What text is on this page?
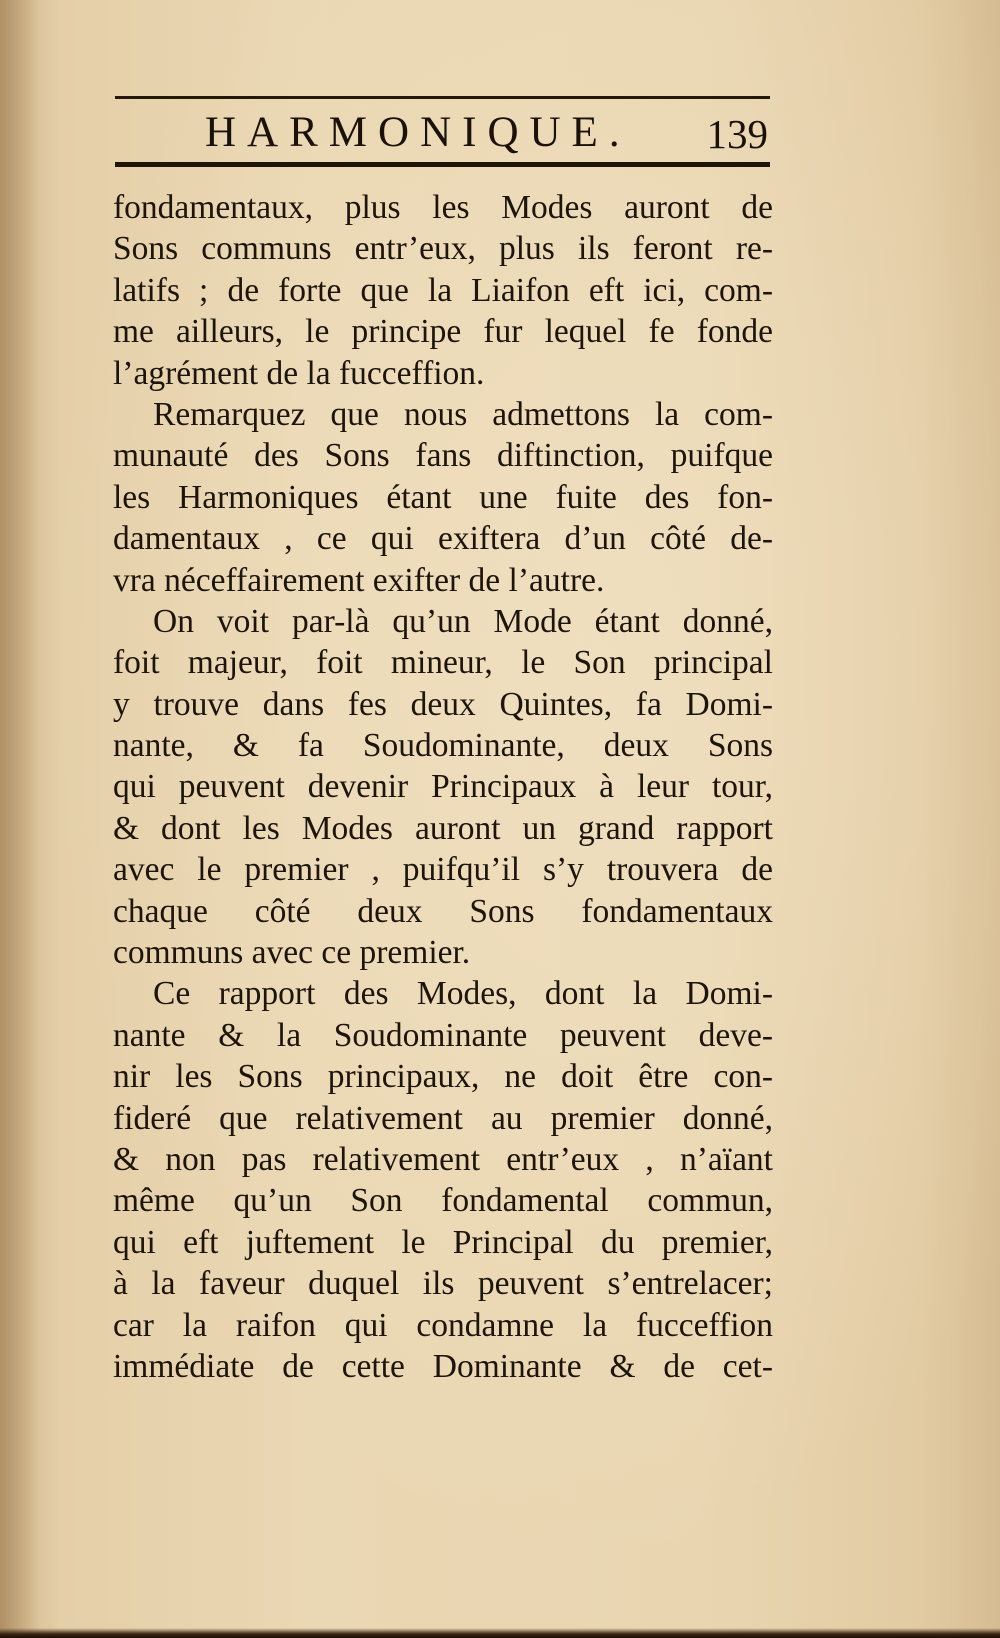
HARMONIQUE. 139
fondamentaux, plus les Modes auront de
Sons communs entr’eux, plus ils feront re-
latifs ; de forte que la Liaifon eft ici, com-
me ailleurs, le principe fur lequel fe fonde
l’agrément de la fucceffion.
Remarquez que nous admettons la com-
munauté des Sons fans diftinction, puifque
les Harmoniques étant une fuite des fon-
damentaux , ce qui exiftera d’un côté de-
vra néceffairement exifter de l’autre.
On voit par-là qu’un Mode étant donné,
foit majeur, foit mineur, le Son principal
y trouve dans fes deux Quintes, fa Domi-
nante, & fa Soudominante, deux Sons
qui peuvent devenir Principaux à leur tour,
& dont les Modes auront un grand rapport
avec le premier , puifqu’il s’y trouvera de
chaque côté deux Sons fondamentaux
communs avec ce premier.
Ce rapport des Modes, dont la Domi-
nante & la Soudominante peuvent deve-
nir les Sons principaux, ne doit être con-
fideré que relativement au premier donné,
& non pas relativement entr’eux , n’aïant
même qu’un Son fondamental commun,
qui eft juftement le Principal du premier,
à la faveur duquel ils peuvent s’entrelacer;
car la raifon qui condamne la fucceffion
immédiate de cette Dominante & de cet-
